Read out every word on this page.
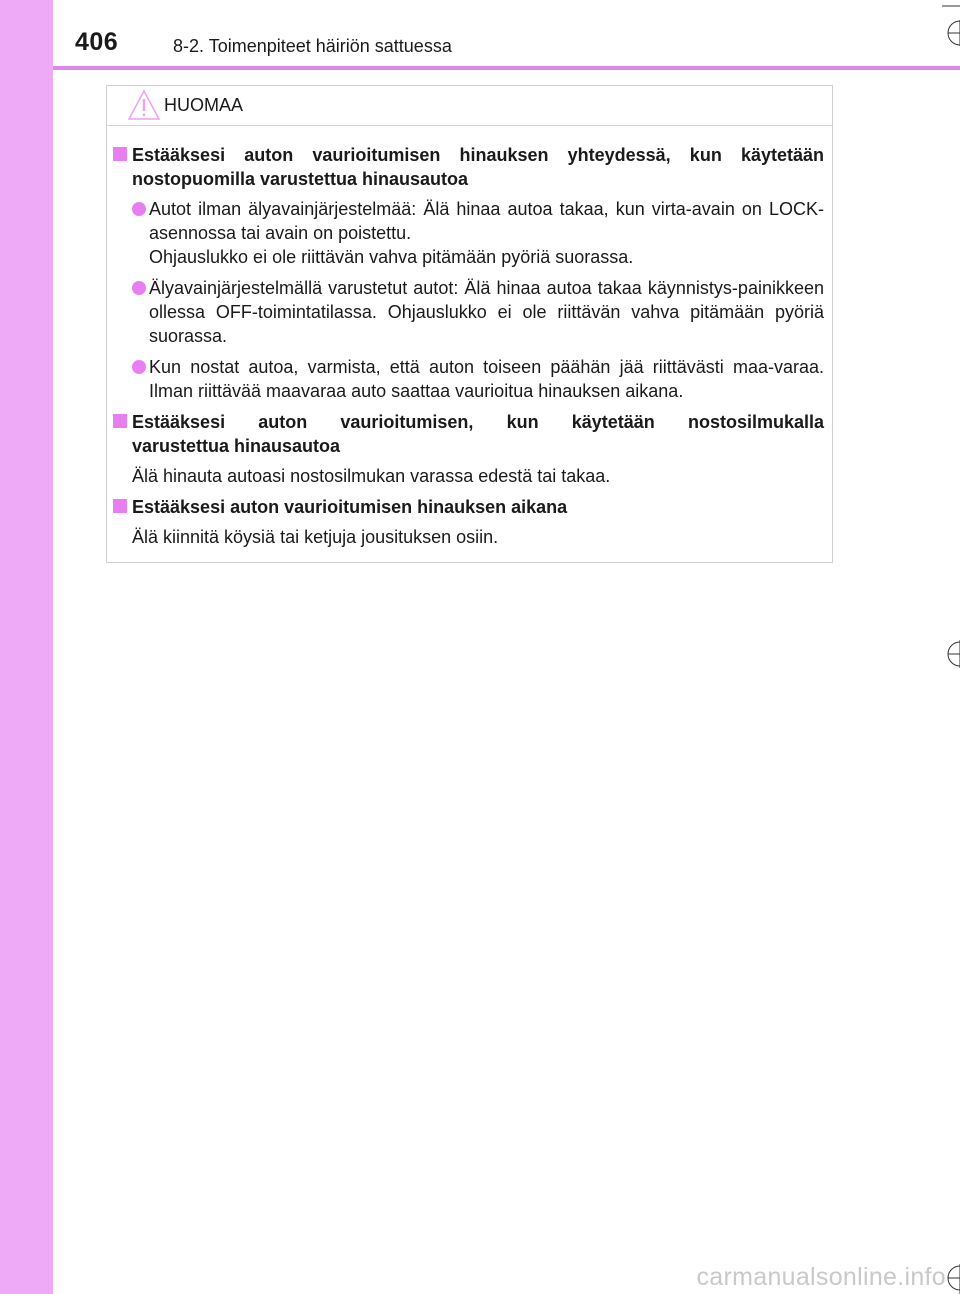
406	8-2. Toimenpiteet häiriön sattuessa
HUOMAA
Estääksesi auton vaurioitumisen hinauksen yhteydessä, kun käytetään nostopuomilla varustettua hinausautoa

Autot ilman älyavainjärjestelmää: Älä hinaa autoa takaa, kun virta-avain on LOCK-asennossa tai avain on poistettu.

Ohjauslukko ei ole riittävän vahva pitämään pyöriä suorassa.

Älyavainjärjestelmällä varustetut autot: Älä hinaa autoa takaa käynnistys-painikkeen ollessa OFF-toimintatilassa. Ohjauslukko ei ole riittävän vahva pitämään pyöriä suorassa.

Kun nostat autoa, varmista, että auton toiseen päähän jää riittävästi maa-varaa. Ilman riittävää maavaraa auto saattaa vaurioitua hinauksen aikana.

Estääksesi auton vaurioitumisen, kun käytetään nostosilmukalla
varustettua hinausautoa

Älä hinauta autoasi nostosilmukan varassa edestä tai takaa.

Estääksesi auton vaurioitumisen hinauksen aikana

Älä kiinnitä köysiä tai ketjuja jousituksen osiin.

carmanualsonline.info
